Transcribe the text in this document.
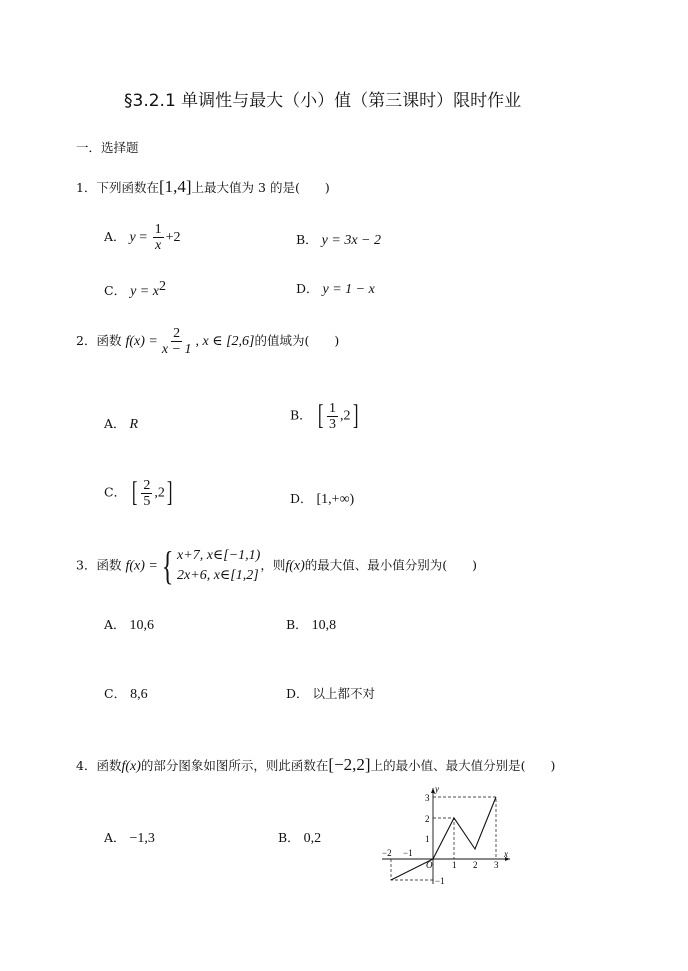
§3.2.1 单调性与最大（小）值（第三课时）限时作业
一．选择题
1．下列函数在[1,4]上最大值为 3 的是(　　)
A． $y = \frac{1}{x} +2$	B． y = 3x − 2
C． $y = x^2$	D． y = 1 − x
2．函数 $f(x) = \frac{2}{x - 1}$ , x ∈ [2,6]的值域为(　　)
A． R
B． [ $\frac{1}{3} ,2$]
C． [ $\frac{2}{5} ,2$]	D． [1,+∞)
3．函数 f(x) ={ x+7, x∈[−1,1)
2x+6, x∈[1,2]
，则f(x)的最大值、最小值分别为(　　)
A． 10,6	B． 10,8
C． 8,6	D． 以上都不对
4．函数f(x)的部分图象如图所示，则此函数在[−2,2]上的最小值、最大值分别是(　　)
A． −1,3	B． 0,2
y
x
−2 −1
O 1 2 3
3
2
1
−1
